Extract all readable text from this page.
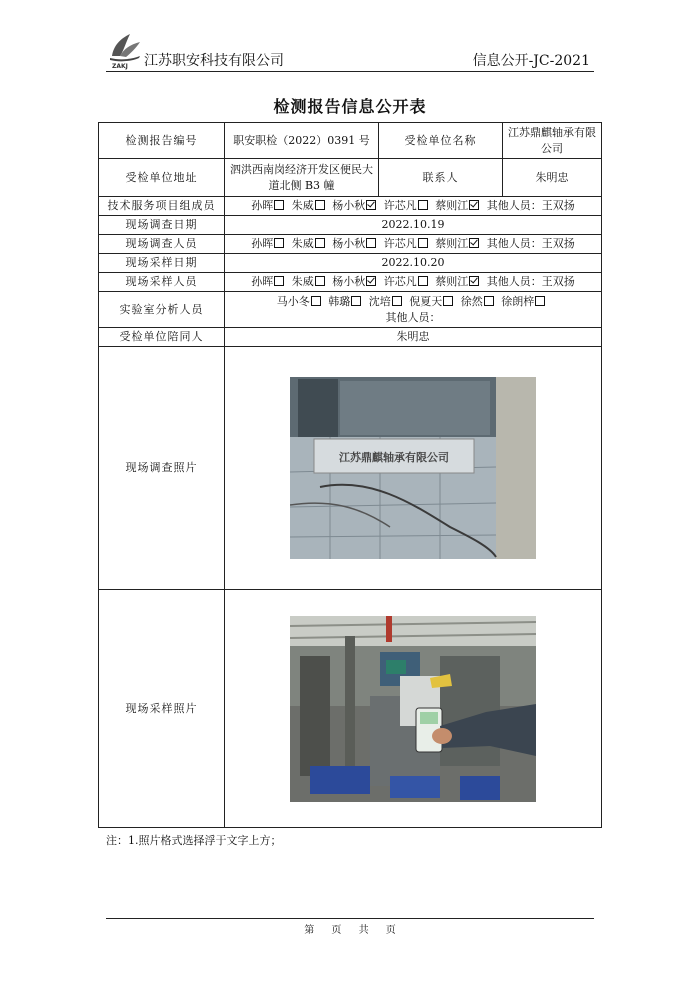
ZAKJ 江苏职安科技有限公司	信息公开-JC-2021
检测报告信息公开表
检测报告编号	职安职检（2022）0391 号	受检单位名称	江苏鼎麒轴承有限公司
受检单位地址	泗洪西南岗经济开发区便民大道北侧 B3 幢	联系人	朱明忠
技术服务项目组成员	孙晖 朱威 杨小秋 许芯凡 蔡则江 其他人员：王双扬		
现场调查日期	2022.10.19		
现场调查人员	孙晖 朱威 杨小秋 许芯凡 蔡则江 其他人员：王双扬		
现场采样日期	2022.10.20		
现场采样人员	孙晖 朱威 杨小秋 许芯凡 蔡则江 其他人员：王双扬		
实验室分析人员	马小冬 韩璐 沈培 倪夏天 徐然 徐朗梓
其他人员：		
受检单位陪同人	朱明忠		
现场调查照片	江苏鼎麒轴承有限公司		

现场采样照片	
注：1.照片格式选择浮于文字上方；
第 页 共 页
